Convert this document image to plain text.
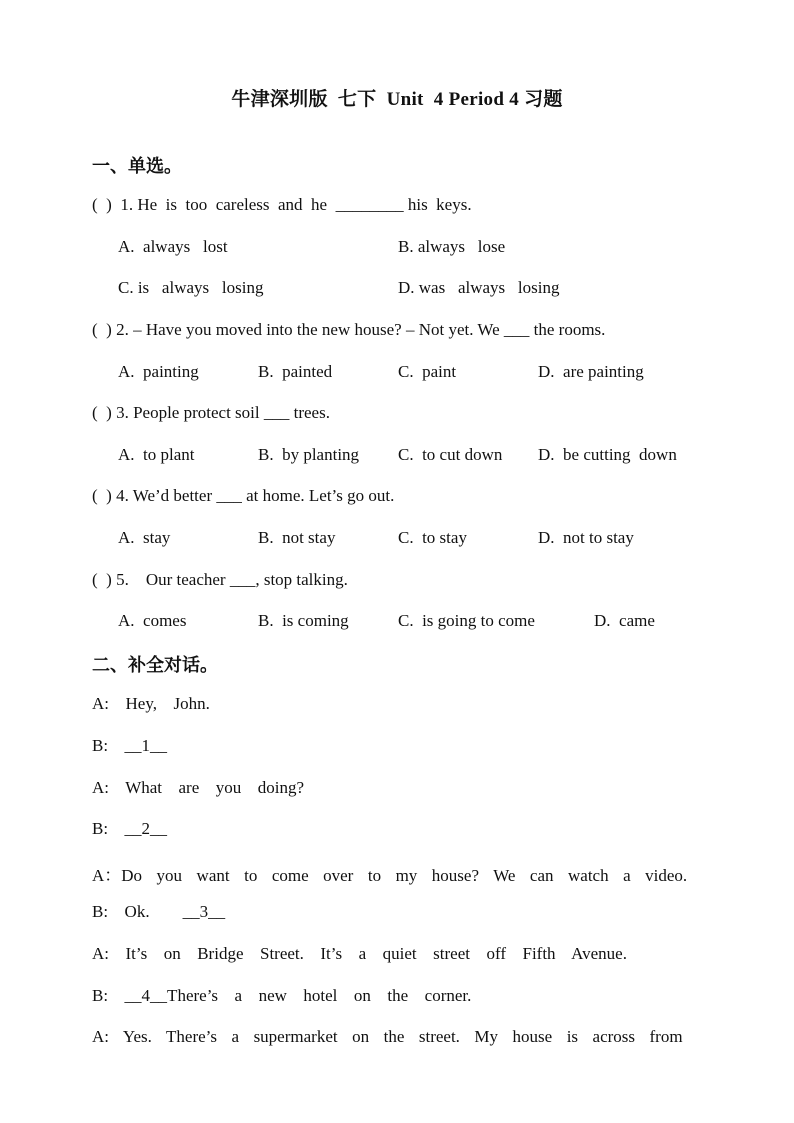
牛津深圳版  七下  Unit  4 Period 4 习题
一、单选。
(  )  1. He  is  too  careless  and  he  ________ his  keys.
A.  always   lost	B. always   lose
C. is   always   losing	D. was   always   losing
(  ) 2. – Have you moved into the new house? – Not yet. We ___ the rooms.
A.  painting	B.  painted	C.  paint	D.  are painting
(  ) 3. People protect soil ___ trees.
A.  to plant	B.  by planting C.  to cut down D.  be cutting  down
(  ) 4. We’d better ___ at home. Let’s go out.
A.  stay	B.  not stay	C.  to stay	D.  not to stay
(  ) 5.    Our teacher ___, stop talking.
A.  comes	B.  is coming	C.  is going to come	D.  came
二、补全对话。
A:  Hey,  John.
B:  __1__
A:  What  are  you  doing?
B:  __2__
A：Do  you  want  to  come  over  to  my  house?  We  can  watch  a  video.
B:  Ok.    __3__
A:  It’s  on  Bridge  Street.  It’s  a  quiet  street  off  Fifth  Avenue.
B:  __4__There’s  a  new  hotel  on  the  corner.
A:  Yes.  There’s  a  supermarket  on  the  street.  My  house  is  across  from
